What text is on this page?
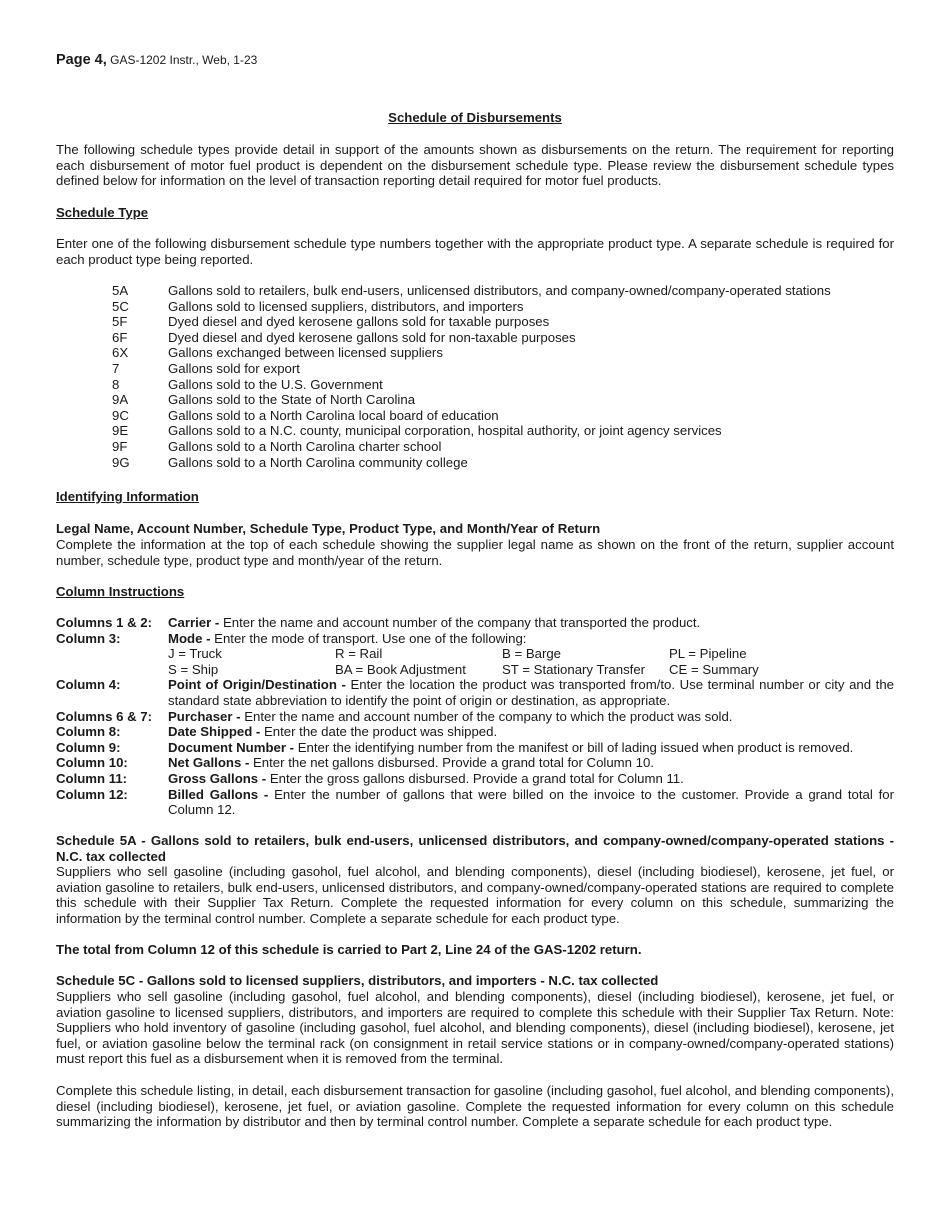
Page 4, GAS-1202 Instr., Web, 1-23
Schedule of Disbursements
The following schedule types provide detail in support of the amounts shown as disbursements on the return. The requirement for reporting each disbursement of motor fuel product is dependent on the disbursement schedule type. Please review the disbursement schedule types defined below for information on the level of transaction reporting detail required for motor fuel products.
Schedule Type
Enter one of the following disbursement schedule type numbers together with the appropriate product type. A separate schedule is required for each product type being reported.
5A	Gallons sold to retailers, bulk end-users, unlicensed distributors, and company-owned/company-operated stations
5C	Gallons sold to licensed suppliers, distributors, and importers
5F	Dyed diesel and dyed kerosene gallons sold for taxable purposes
6F	Dyed diesel and dyed kerosene gallons sold for non-taxable purposes
6X	Gallons exchanged between licensed suppliers
7	Gallons sold for export
8	Gallons sold to the U.S. Government
9A	Gallons sold to the State of North Carolina
9C	Gallons sold to a North Carolina local board of education
9E	Gallons sold to a N.C. county, municipal corporation, hospital authority, or joint agency services
9F	Gallons sold to a North Carolina charter school
9G	Gallons sold to a North Carolina community college
Identifying Information
Legal Name, Account Number, Schedule Type, Product Type, and Month/Year of Return
Complete the information at the top of each schedule showing the supplier legal name as shown on the front of the return, supplier account number, schedule type, product type and month/year of the return.
Column Instructions
Columns 1 & 2:	Carrier - Enter the name and account number of the company that transported the product.
Column 3:	Mode - Enter the mode of transport. Use one of the following:
J = Truck	R = Rail	B = Barge	PL = Pipeline
S = Ship	BA = Book Adjustment	ST = Stationary Transfer	CE = Summary
Column 4:	Point of Origin/Destination - Enter the location the product was transported from/to. Use terminal number or city and the standard state abbreviation to identify the point of origin or destination, as appropriate.
Columns 6 & 7:	Purchaser - Enter the name and account number of the company to which the product was sold.
Column 8:	Date Shipped - Enter the date the product was shipped.
Column 9:	Document Number - Enter the identifying number from the manifest or bill of lading issued when product is removed.
Column 10:	Net Gallons - Enter the net gallons disbursed. Provide a grand total for Column 10.
Column 11:	Gross Gallons - Enter the gross gallons disbursed. Provide a grand total for Column 11.
Column 12:	Billed Gallons - Enter the number of gallons that were billed on the invoice to the customer. Provide a grand total for Column 12.
Schedule 5A - Gallons sold to retailers, bulk end-users, unlicensed distributors, and company-owned/company-operated stations - N.C. tax collected
Suppliers who sell gasoline (including gasohol, fuel alcohol, and blending components), diesel (including biodiesel), kerosene, jet fuel, or aviation gasoline to retailers, bulk end-users, unlicensed distributors, and company-owned/company-operated stations are required to complete this schedule with their Supplier Tax Return. Complete the requested information for every column on this schedule, summarizing the information by the terminal control number. Complete a separate schedule for each product type.
The total from Column 12 of this schedule is carried to Part 2, Line 24 of the GAS-1202 return.
Schedule 5C - Gallons sold to licensed suppliers, distributors, and importers - N.C. tax collected
Suppliers who sell gasoline (including gasohol, fuel alcohol, and blending components), diesel (including biodiesel), kerosene, jet fuel, or aviation gasoline to licensed suppliers, distributors, and importers are required to complete this schedule with their Supplier Tax Return. Note: Suppliers who hold inventory of gasoline (including gasohol, fuel alcohol, and blending components), diesel (including biodiesel), kerosene, jet fuel, or aviation gasoline below the terminal rack (on consignment in retail service stations or in company-owned/company-operated stations) must report this fuel as a disbursement when it is removed from the terminal.
Complete this schedule listing, in detail, each disbursement transaction for gasoline (including gasohol, fuel alcohol, and blending components), diesel (including biodiesel), kerosene, jet fuel, or aviation gasoline. Complete the requested information for every column on this schedule summarizing the information by distributor and then by terminal control number. Complete a separate schedule for each product type.
